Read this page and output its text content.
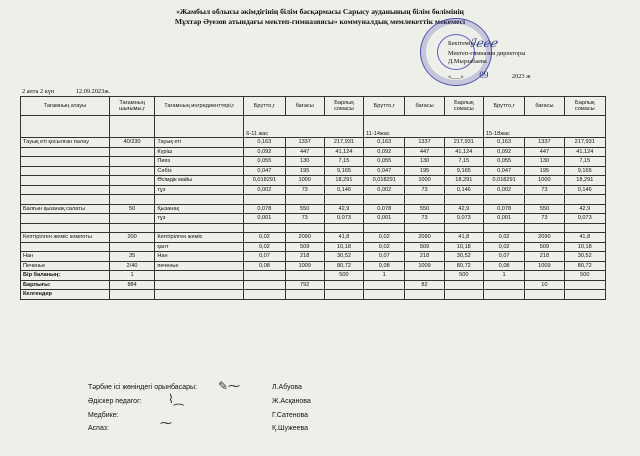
«Жамбыл облысы әкімдігінің білім басқармасы Сарысу ауданының білім бөлімінің
Мұхтар Әуезов атындағы мектеп-гимназиясы» коммуналдық мемлекеттік мекемесі
Бекітемін:
Мектеп-гимназия директоры
Д.Мырзабаева
«___» 09	2023 ж
ℐℯℯℯ
2 апта 2 күн	12.09.2023ж.
Тағамның атауы	Тағамның шығымы,г	Тағамның ингредиенттері,г	Брутто,г	бағасы	Барлық сомасы	Брутто,г	бағасы	Барлық сомасы	Брутто,г	бағасы	Барлық сомасы
			6-11 жас			11-14жас			15-18жас		
Тауық еті қосылған палау	40/230	Тауық еті	0,163	1337	217,931	0,163	1337	217,931	0,163	1337	217,931
		Күріш	0,092	447	41,124	0,092	447	41,124	0,092	447	41,124
		Пияз	0,055	130	7,15	0,055	130	7,15	0,055	130	7,15
		Сәбіз	0,047	195	9,165	0,047	195	9,165	0,047	195	9,165
		Өсімдік майы	0,018291	1000	18,291	0,018291	1000	18,291	0,018291	1000	18,291
		тұз	0,002	73	0,146	0,002	73	0,146	0,002	73	0,146

Балғын қызанақ салаты	50	Қызанақ	0,078	550	42,9	0,078	550	42,9	0,078	550	42,9
		тұз	0,001	73	0,073	0,001	73	0,073	0,001	73	0,073

Кептірілген жеміс компоты	200	Кептірілген жеміс	0,02	2090	41,8	0,02	2090	41,8	0,02	2090	41,8
		қант	0,02	509	10,18	0,02	509	10,18	0,02	509	10,18
Нан	35	Нан	0,07	218	30,52	0,07	218	30,52	0,07	218	30,52
Печенье	2/40	печенье	0,08	1009	80,72	0,08	1009	80,72	0,08	1009	80,72
Бір баланың:	1				500	1		500	1		500
Барлығы:	884			792			82			10	
Келгендер											
Тәрбие ісі жөніндегі орынбасары:	Л.Абуова
Әдіскер педагог:	Ж.Асқанова
Медбике:	Г.Сатенова
Аспаз:	Қ.Шужеева
✎⁓
⌇⁔
⁓
